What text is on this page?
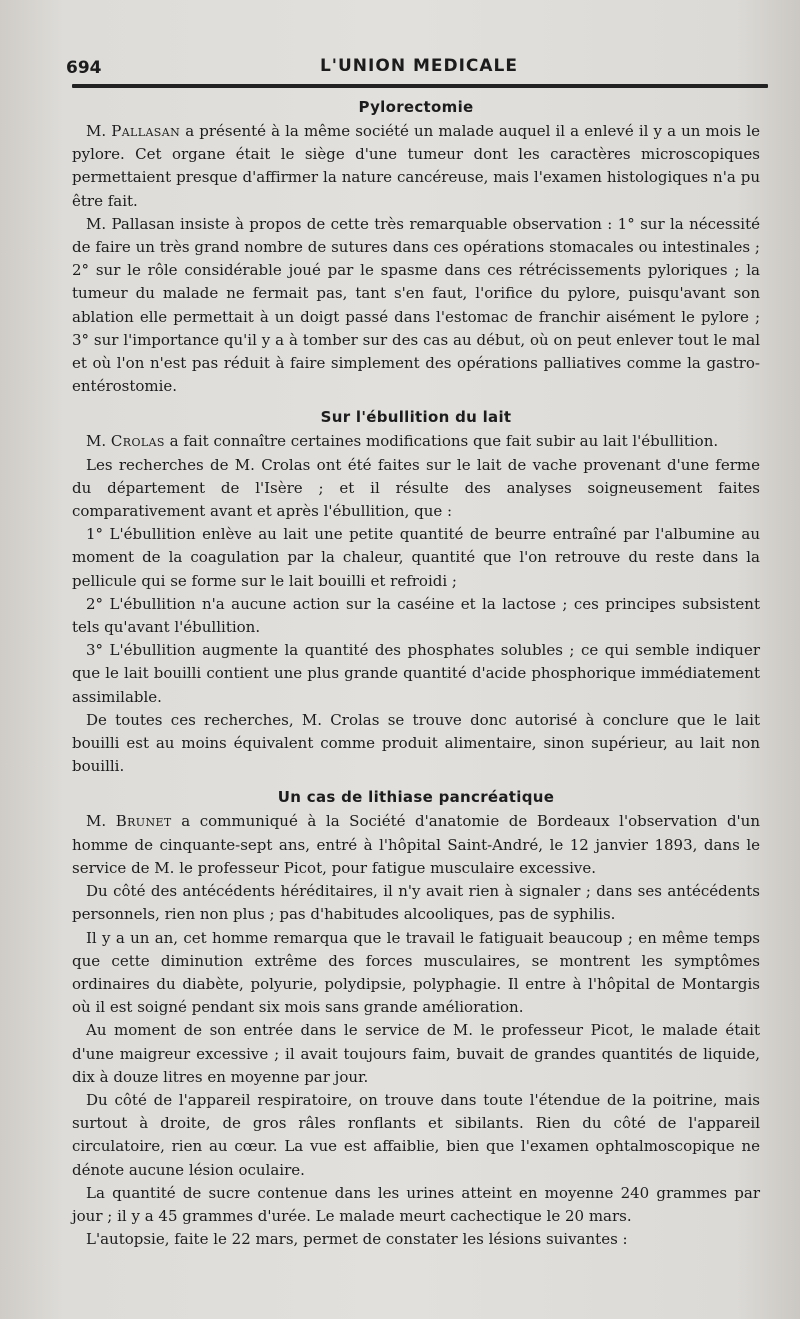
694	L'UNION MEDICALE
Pylorectomie

M. Pallasan a présenté à la même société un malade auquel il a enlevé il y a un mois le pylore. Cet organe était le siège d'une tumeur dont les caractères microscopiques permettaient presque d'affirmer la nature cancéreuse, mais l'examen histologiques n'a pu être fait.

M. Pallasan insiste à propos de cette très remarquable observation : 1° sur la nécessité de faire un très grand nombre de sutures dans ces opérations stomacales ou intestinales ; 2° sur le rôle considérable joué par le spasme dans ces rétrécissements pyloriques ; la tumeur du malade ne fermait pas, tant s'en faut, l'orifice du pylore, puisqu'avant son ablation elle permettait à un doigt passé dans l'estomac de franchir aisément le pylore ; 3° sur l'importance qu'il y a à tomber sur des cas au début, où on peut enlever tout le mal et où l'on n'est pas réduit à faire simplement des opérations palliatives comme la gastro-entérostomie.

Sur l'ébullition du lait

M. Crolas a fait connaître certaines modifications que fait subir au lait l'ébullition.

Les recherches de M. Crolas ont été faites sur le lait de vache provenant d'une ferme du département de l'Isère ; et il résulte des analyses soigneusement faites comparativement avant et après l'ébullition, que :

1° L'ébullition enlève au lait une petite quantité de beurre entraîné par l'albumine au moment de la coagulation par la chaleur, quantité que l'on retrouve du reste dans la pellicule qui se forme sur le lait bouilli et refroidi ;

2° L'ébullition n'a aucune action sur la caséine et la lactose ; ces principes subsistent tels qu'avant l'ébullition.

3° L'ébullition augmente la quantité des phosphates solubles ; ce qui semble indiquer que le lait bouilli contient une plus grande quantité d'acide phosphorique immédiatement assimilable.

De toutes ces recherches, M. Crolas se trouve donc autorisé à conclure que le lait bouilli est au moins équivalent comme produit alimentaire, sinon supérieur, au lait non bouilli.

Un cas de lithiase pancréatique

M. Brunet a communiqué à la Société d'anatomie de Bordeaux l'observation d'un homme de cinquante-sept ans, entré à l'hôpital Saint-André, le 12 janvier 1893, dans le service de M. le professeur Picot, pour fatigue musculaire excessive.

Du côté des antécédents héréditaires, il n'y avait rien à signaler ; dans ses antécédents personnels, rien non plus ; pas d'habitudes alcooliques, pas de syphilis.

Il y a un an, cet homme remarqua que le travail le fatiguait beaucoup ; en même temps que cette diminution extrême des forces musculaires, se montrent les symptômes ordinaires du diabète, polyurie, polydipsie, polyphagie. Il entre à l'hôpital de Montargis où il est soigné pendant six mois sans grande amélioration.

Au moment de son entrée dans le service de M. le professeur Picot, le malade était d'une maigreur excessive ; il avait toujours faim, buvait de grandes quantités de liquide, dix à douze litres en moyenne par jour.

Du côté de l'appareil respiratoire, on trouve dans toute l'étendue de la poitrine, mais surtout à droite, de gros râles ronflants et sibilants. Rien du côté de l'appareil circulatoire, rien au cœur. La vue est affaiblie, bien que l'examen ophtalmoscopique ne dénote aucune lésion oculaire.

La quantité de sucre contenue dans les urines atteint en moyenne 240 grammes par jour ; il y a 45 grammes d'urée. Le malade meurt cachectique le 20 mars.

L'autopsie, faite le 22 mars, permet de constater les lésions suivantes :
